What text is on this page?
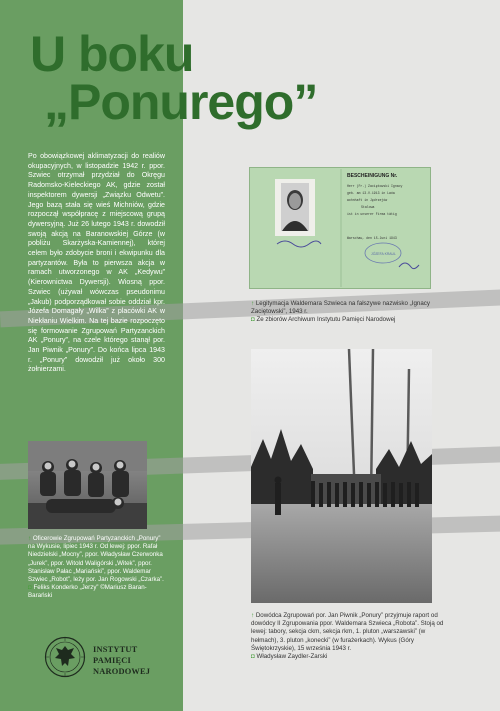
U boku
„Ponurego”

Po obowiązkowej aklimatyzacji do realiów okupacyjnych, w listopadzie 1942 r. ppor. Szwiec otrzymał przydział do Okręgu Radomsko-Kieleckiego AK, gdzie został inspektorem dywersji „Związku Odwetu”. Jego bazą stała się wieś Michniów, gdzie rozpoczął współpracę z miejscową grupą dywersyjną. Już 26 lutego 1943 r. dowodził swoją akcją na Baranowskiej Górze (w pobliżu Skarżyska-Kamiennej), której celem było zdobycie broni i ekwipunku dla partyzantów. Była to pierwsza akcja w ramach utworzonego w AK „Kedywu” (Kierownictwa Dywersji). Wiosną ppor. Szwiec (używał wówczas pseudonimu „Jakub) podporządkował sobie oddział kpr. Józefa Domagały „Wilka” z placówki AK w Niekłaniu Wielkim. Na tej bazie rozpoczęto się formowanie Zgrupowań Partyzanckich AK „Ponury”, na czele którego stanął por. Jan Piwnik „Ponury”. Do końca lipca 1943 r. „Ponury” dowodził już około 300 żołnierzami.

↑ Oficerowie Zgrupowań Partyzanckich „Ponury” na Wykusie, lipiec 1943 r. Od lewej: ppor. Rafał Niedzielski „Mocny”, ppor. Władysław Czerwonka „Jurek”, ppor. Witold Waligórski „Witek”, ppor. Stanisław Pałac „Mariański”, ppor. Waldemar Szwiec „Robot”, leży por. Jan Rogowski „Czarka”.
◘ Feliks Konderko „Jerzy” ©Mariusz Baran-Barański

BESCHEINIGUNG Nr.
Herr (Fr.) Zaciętowski Ignacy
geb. am 13.V.1913 in Lwów
wohnhaft in Jędrzejów
Stalowa
ist in unserer Firma tätig
Warschau, den 15.Juni 1943
JÓZEFA KRAUL

↑ Legitymacja Waldemara Szwieca na fałszywe nazwisko „Ignacy Zaciętowski”, 1943 r.
◘ Ze zbiorów Archiwum Instytutu Pamięci Narodowej

↑ Dowódca Zgrupowań por. Jan Piwnik „Ponury” przyjmuje raport od dowódcy II Zgrupowania ppor. Waldemara Szwieca „Robota”. Stoją od lewej: tabory, sekcja ckm, sekcja rkm, 1. pluton „warszawski” (w hełmach), 3. pluton „konecki” (w furażerkach). Wykus (Góry Świętokrzyskie), 15 września 1943 r.
◘ Władysław Zaydler-Zarski

INSTYTUT
PAMIĘCI
NARODOWEJ
